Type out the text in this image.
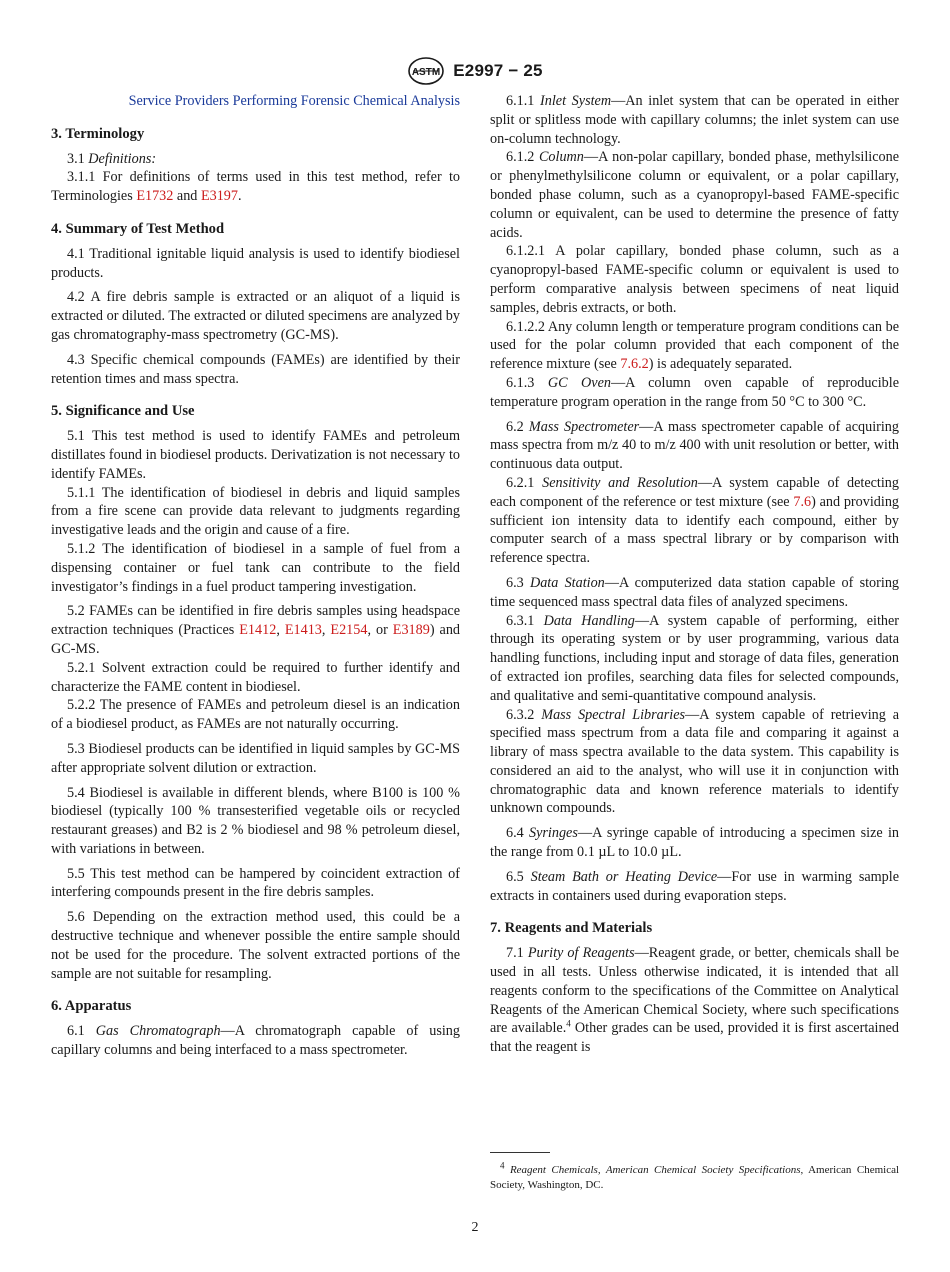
ASTM E2997 − 25

Service Providers Performing Forensic Chemical Analysis

3. Terminology

3.1 Definitions:

3.1.1 For definitions of terms used in this test method, refer to Terminologies E1732 and E3197.

4. Summary of Test Method

4.1 Traditional ignitable liquid analysis is used to identify biodiesel products.

4.2 A fire debris sample is extracted or an aliquot of a liquid is extracted or diluted. The extracted or diluted specimens are analyzed by gas chromatography-mass spectrometry (GC-MS).

4.3 Specific chemical compounds (FAMEs) are identified by their retention times and mass spectra.

5. Significance and Use

5.1 This test method is used to identify FAMEs and petroleum distillates found in biodiesel products. Derivatization is not necessary to identify FAMEs.

5.1.1 The identification of biodiesel in debris and liquid samples from a fire scene can provide data relevant to judgments regarding investigative leads and the origin and cause of a fire.

5.1.2 The identification of biodiesel in a sample of fuel from a dispensing container or fuel tank can contribute to the field investigator’s findings in a fuel product tampering investigation.

5.2 FAMEs can be identified in fire debris samples using headspace extraction techniques (Practices E1412, E1413, E2154, or E3189) and GC-MS.

5.2.1 Solvent extraction could be required to further identify and characterize the FAME content in biodiesel.

5.2.2 The presence of FAMEs and petroleum diesel is an indication of a biodiesel product, as FAMEs are not naturally occurring.

5.3 Biodiesel products can be identified in liquid samples by GC-MS after appropriate solvent dilution or extraction.

5.4 Biodiesel is available in different blends, where B100 is 100 % biodiesel (typically 100 % transesterified vegetable oils or recycled restaurant greases) and B2 is 2 % biodiesel and 98 % petroleum diesel, with variations in between.

5.5 This test method can be hampered by coincident extraction of interfering compounds present in the fire debris samples.

5.6 Depending on the extraction method used, this could be a destructive technique and whenever possible the entire sample should not be used for the procedure. The solvent extracted portions of the sample are not suitable for resampling.

6. Apparatus

6.1 Gas Chromatograph—A chromatograph capable of using capillary columns and being interfaced to a mass spectrometer.

6.1.1 Inlet System—An inlet system that can be operated in either split or splitless mode with capillary columns; the inlet system can use on-column technology.

6.1.2 Column—A non-polar capillary, bonded phase, methylsilicone or phenylmethylsilicone column or equivalent, or a polar capillary, bonded phase column, such as a cyanopropyl-based FAME-specific column or equivalent, can be used to determine the presence of fatty acids.

6.1.2.1 A polar capillary, bonded phase column, such as a cyanopropyl-based FAME-specific column or equivalent is used to perform comparative analysis between specimens of neat liquid samples, debris extracts, or both.

6.1.2.2 Any column length or temperature program conditions can be used for the polar column provided that each component of the reference mixture (see 7.6.2) is adequately separated.

6.1.3 GC Oven—A column oven capable of reproducible temperature program operation in the range from 50 °C to 300 °C.

6.2 Mass Spectrometer—A mass spectrometer capable of acquiring mass spectra from m/z 40 to m/z 400 with unit resolution or better, with continuous data output.

6.2.1 Sensitivity and Resolution—A system capable of detecting each component of the reference or test mixture (see 7.6) and providing sufficient ion intensity data to identify each compound, either by computer search of a mass spectral library or by comparison with reference spectra.

6.3 Data Station—A computerized data station capable of storing time sequenced mass spectral data files of analyzed specimens.

6.3.1 Data Handling—A system capable of performing, either through its operating system or by user programming, various data handling functions, including input and storage of data files, generation of extracted ion profiles, searching data files for selected compounds, and qualitative and semi-quantitative compound analysis.

6.3.2 Mass Spectral Libraries—A system capable of retrieving a specified mass spectrum from a data file and comparing it against a library of mass spectra available to the data system. This capability is considered an aid to the analyst, who will use it in conjunction with chromatographic data and known reference materials to identify unknown compounds.

6.4 Syringes—A syringe capable of introducing a specimen size in the range from 0.1 µL to 10.0 µL.

6.5 Steam Bath or Heating Device—For use in warming sample extracts in containers used during evaporation steps.

7. Reagents and Materials

7.1 Purity of Reagents—Reagent grade, or better, chemicals shall be used in all tests. Unless otherwise indicated, it is intended that all reagents conform to the specifications of the Committee on Analytical Reagents of the American Chemical Society, where such specifications are available.$^4$ Other grades can be used, provided it is first ascertained that the reagent is

$^4$ Reagent Chemicals, American Chemical Society Specifications, American Chemical Society, Washington, DC.

2
